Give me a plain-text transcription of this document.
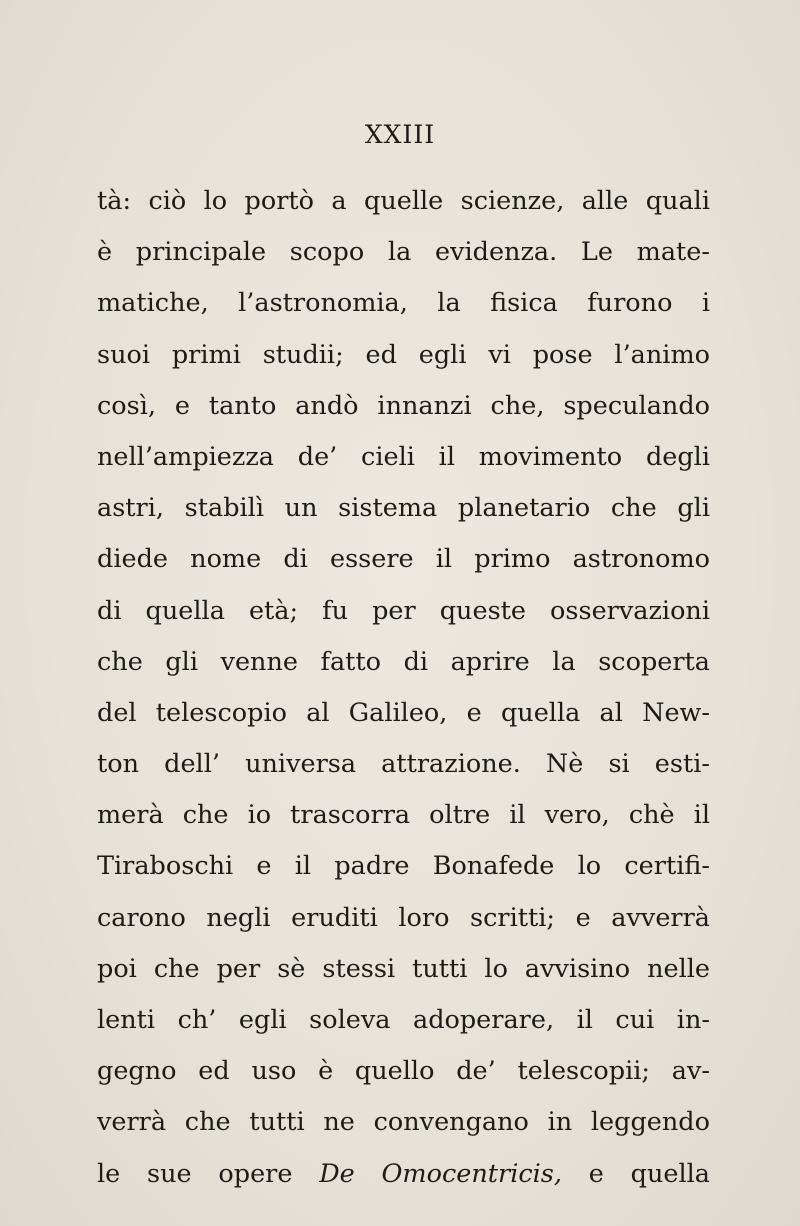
XXIII
tà: ciò lo portò a quelle scienze, alle quali
è principale scopo la evidenza. Le mate-
matiche, l’astronomia, la fisica furono i
suoi primi studii; ed egli vi pose l’animo
così, e tanto andò innanzi che, speculando
nell’ampiezza de’ cieli il movimento degli
astri, stabilì un sistema planetario che gli
diede nome di essere il primo astronomo
di quella età; fu per queste osservazioni
che gli venne fatto di aprire la scoperta
del telescopio al Galileo, e quella al New-
ton dell’ universa attrazione. Nè si esti-
merà che io trascorra oltre il vero, chè il
Tiraboschi e il padre Bonafede lo certifi-
carono negli eruditi loro scritti; e avverrà
poi che per sè stessi tutti lo avvisino nelle
lenti ch’ egli soleva adoperare, il cui in-
gegno ed uso è quello de’ telescopii; av-
verrà che tutti ne convengano in leggendo
le sue opere De Omocentricis, e quella
